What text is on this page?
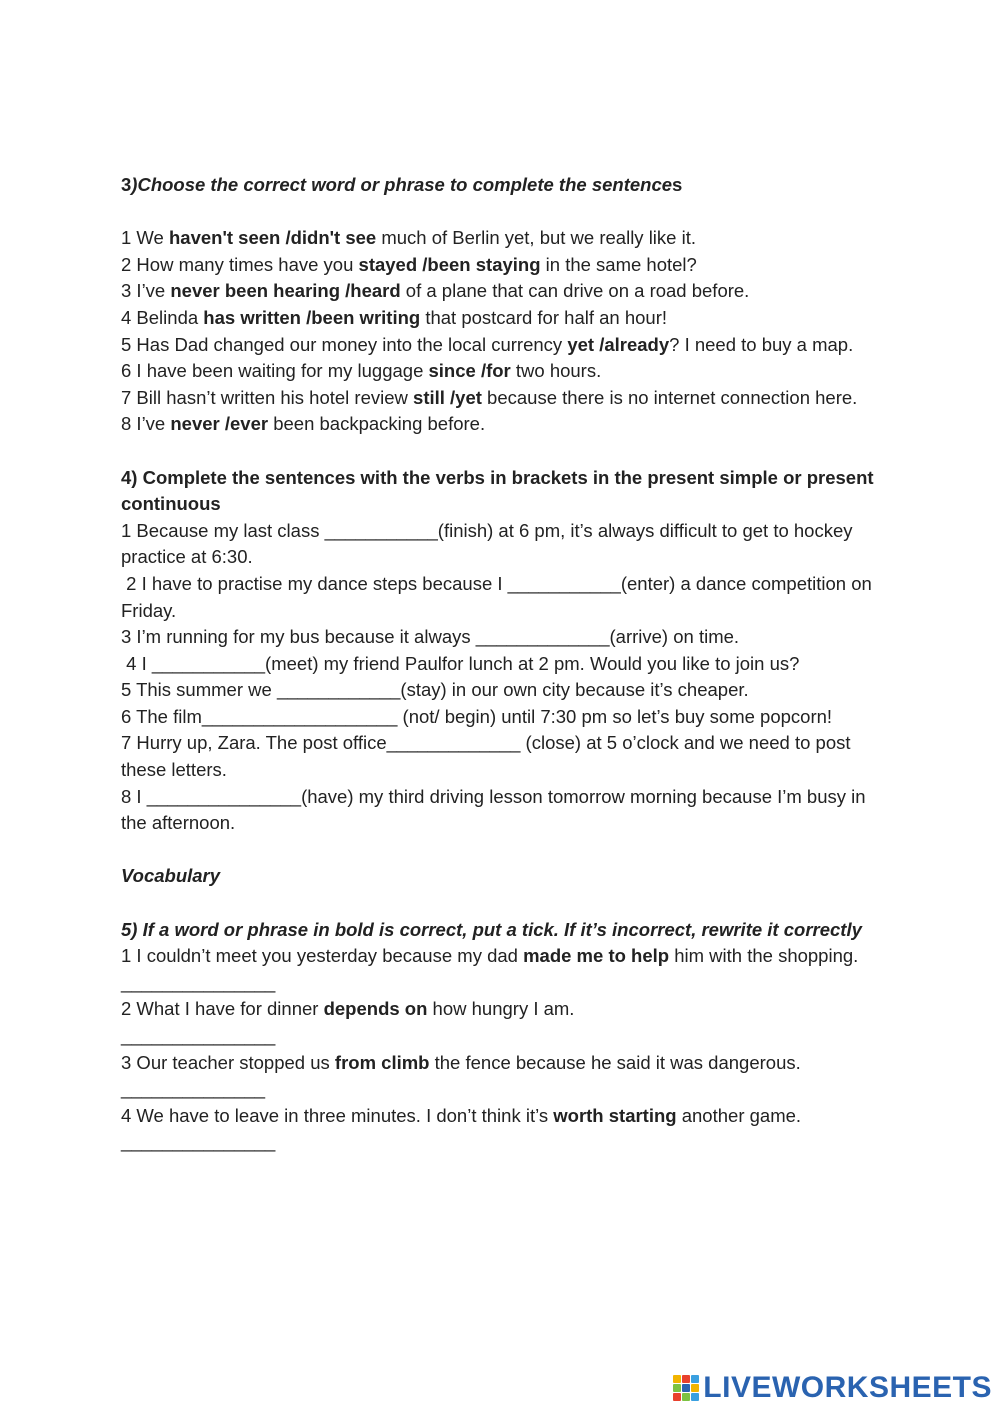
3)Choose the correct word or phrase to complete the sentences
1 We haven't seen /didn't see much of Berlin yet, but we really like it.
2 How many times have you stayed /been staying in the same hotel?
3 I’ve never been hearing /heard of a plane that can drive on a road before.
4 Belinda has written /been writing that postcard for half an hour!
5 Has Dad changed our money into the local currency yet /already? I need to buy a map.
6 I have been waiting for my luggage since /for two hours.
7 Bill hasn’t written his hotel review still /yet because there is no internet connection here.
8 I’ve never /ever been backpacking before.
4) Complete the sentences with the verbs in brackets in the present simple or present continuous
1 Because my last class ___________(finish) at 6 pm, it’s always difficult to get to hockey practice at 6:30.
2 I have to practise my dance steps because I ___________(enter) a dance competition on Friday.
3 I’m running for my bus because it always _____________(arrive) on time.
4 I ___________(meet) my friend Paulfor lunch at 2 pm. Would you like to join us?
5 This summer we ____________(stay) in our own city because it’s cheaper.
6 The film___________________ (not/ begin) until 7:30 pm so let’s buy some popcorn!
7 Hurry up, Zara. The post office_____________ (close) at 5 o’clock and we need to post these letters.
8 I _______________(have) my third driving lesson tomorrow morning because I’m busy in the afternoon.
Vocabulary
5) If a word or phrase in bold is correct, put a tick. If it’s incorrect, rewrite it correctly
1 I couldn’t meet you yesterday because my dad made me to help him with the shopping.
_______________
2 What I have for dinner depends on how hungry I am.
_______________
3 Our teacher stopped us from climb the fence because he said it was dangerous.
______________
4 We have to leave in three minutes. I don’t think it’s worth starting another game.
_______________
LIVEWORKSHEETS
